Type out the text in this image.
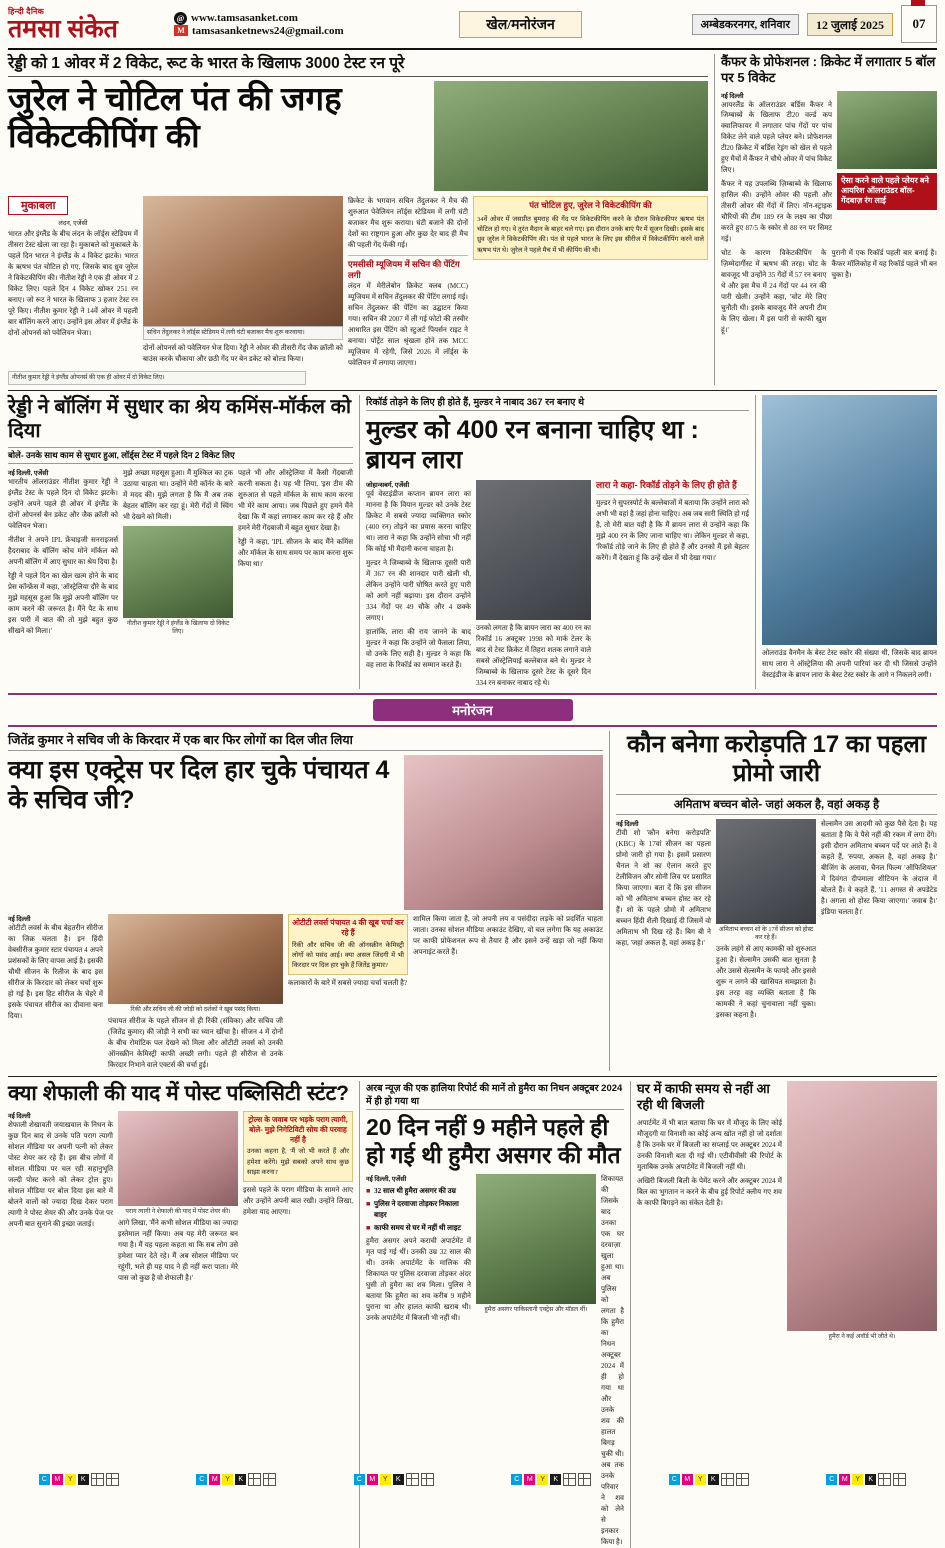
हिन्दी दैनिक
तमसा संकेत	@ www.tamsasanket.com
M tamsasanketnews24@gmail.com	खेल/मनोरंजन	अम्बेडकरनगर, शनिवार	12 जुलाई 2025	07
रेड्डी को 1 ओवर में 2 विकेट, रूट के भारत के खिलाफ 3000 टेस्ट रन पूरे
जुरेल ने चोटिल पंत की जगह विकेटकीपिंग की
मुकाबला
लंदन, एजेंसी
भारत और इंग्लैंड के बीच लंदन के लॉर्ड्स स्टेडियम में तीसरा टेस्ट खेला जा रहा है। मुकाबले को मुकाबले के पहले दिन भारत ने इंग्लैंड के 4 विकेट झटके। भारत के ऋषभ पंत चोटिल हो गए, जिसके बाद ध्रुव जुरेल ने विकेटकीपिंग की। नीतीश रेड्डी ने एक ही ओवर में 2 विकेट लिए। पहले दिन 4 विकेट खोकर 251 रन बनाए। जो रूट ने भारत के खिलाफ 3 हजार टेस्ट रन पूरे किए। नीतीश कुमार रेड्डी ने 14वें ओवर में पहली बार बॉलिंग करने आए। उन्होंने इस ओवर में इंग्लैंड के दोनों ओपनर्स को पवेलियन भेजा।	सचिन तेंदुलकर ने लॉर्ड्स स्टेडियम में लगी घंटी बजाकर मैच शुरू करवाया।
दोनों ओपनर्स को पवेलियन भेज दिया। रेड्डी ने ओवर की तीसरी गेंद जैक क्रॉली को बाउंस करके चौंकाया और छठी गेंद पर बेन डकेट को बोल्ड किया।
क्रिकेट के भगवान सचिन तेंदुलकर ने मैच की शुरुआत पेवेलियन लॉर्ड्स स्टेडियम में लगी घंटी बजाकर मैच शुरू कराया। घंटी बजाने की दोनों देशों का राष्ट्रगान हुआ और कुछ देर बाद ही मैच की पहली गेंद फेंकी गई।
एमसीसी म्यूजियम में सचिन की पेंटिंग लगी
लंदन में मेरीलेबोन क्रिकेट क्लब (MCC) म्यूजियम में सचिन तेंदुलकर की पेंटिंग लगाई गई। सचिन तेंदुलकर की पेंटिंग का उद्घाटन किया गया। सचिन की 2007 में ली गई फोटो की तस्वीर आधारित इस पेंटिंग को स्टुअर्ट पियर्सन राइट ने बनाया। पोर्ट्रेट साल श्रृंखला होने तक MCC म्यूजियम में रहेगी, जिसे 2026 में लॉर्ड्स के पवेलियन में लगाया जाएगा।
पंत चोटिल हुए, जुरेल ने विकेटकीपिंग की
34वें ओवर में जसप्रीत बुमराह की गेंद पर विकेटकीपिंग करने के दौरान विकेटकीपर ऋषभ पंत चोटिल हो गए। वे तुरंत मैदान के बाहर चले गए। इस दौरान उनके बाएं पैर में सूजन दिखी। इसके बाद ध्रुव जुरेल ने विकेटकीपिंग की। पंत से पहले भारत के लिए इस सीरीज में विकेटकीपिंग करने वाले ऋषभ पंत थे। जुरेल ने पहले मैच में भी कीपिंग की थी।
नीतीश कुमार रेड्डी ने इंग्लैंड ओपनर्स की एक ही ओवर में दो विकेट लिए।
कैंफर के प्रोफेशनल : क्रिकेट में लगातार 5 बॉल पर 5 विकेट
नई दिल्ली
आयरलैंड के ऑलराउंडर बर्डिस कैंफर ने जिम्बाब्वे के खिलाफ टी20 वर्ल्ड कप क्वालिफायर में लगातार पांच गेंदों पर पांच विकेट लेने वाले पहले प्लेयर बने। प्रोफेशनल टी20 क्रिकेट में बर्डिस रेड्रंग को खेल से पहले हुए मैचों में कैंफर ने चौथे ओवर में पांच विकेट लिए।
कैंफर ने यह उपलब्धि ज़िम्बाब्वे के खिलाफ हासिल की। उन्होंने ओवर की पहली और तीसरी ओवर की गेंदों में लिए। नॉन-स्ट्राइक चौरियों की टीम 189 रन के लक्ष्य का पीछा करते हुए 87/5 के स्कोर से 88 रन पर सिमट गई।
ऐसा करने वाले पहले प्लेयर बने आयरिश ऑलराउंडर बॉल- गेंदबाज़ रंग लाई
चोट के कारण विकेटकीपिंग के ज़िम्मेदार्गीस्ट में ऋषभ की तरह। चोट के बावजूद भी उन्होंने 35 गेंदों में 57 रन बनाए थे और इस मैच में 24 गेंदों पर 44 रन की पारी खेली। उन्होंने कहा, 'चोट मेरे लिए चुनौती थी। इसके बावजूद मैंने अपनी टीम के लिए खेला। मैं इस पारी से काफी खुश हूं।'
पुरानी में एक रिकॉर्ड पहली बार बनाई है। कैंफर मॉलिकोह में यह रिकॉर्ड पहले भी बन चुका है।
रेड्डी ने बॉलिंग में सुधार का श्रेय कमिंस-मॉर्कल को दिया
बोले- उनके साथ काम से सुधार हुआ, लॉर्ड्स टेस्ट में पहले दिन 2 विकेट लिए
नई दिल्ली, एजेंसी
भारतीय ऑलराउंडर नीतीश कुमार रेड्डी ने इंग्लैंड टेस्ट के पहले दिन दो विकेट झटके। उन्होंने अपने पहले ही ओवर में इंग्लैंड के दोनों ओपनर्स बेन डकेट और जैक क्रॉली को पवेलियन भेजा।
नीतीश ने अपने IPL फ्रेंचाइजी सनराइजर्स हैदराबाद के बॉलिंग कोच मोने मॉर्कल को अपनी बॉलिंग में आए सुधार का श्रेय दिया है।
रेड्डी ने पहले दिन का खेल खत्म होने के बाद प्रेस कॉन्फ्रेंस में कहा, 'ऑस्ट्रेलिया दौरे के बाद मुझे महसूस हुआ कि मुझे अपनी बॉलिंग पर काम करने की जरूरत है। मैंने पैट के साथ इस पारी में बात की तो मुझे बहुत कुछ सीखने को मिला।'
मुझे अच्छा महसूस हुआ। मैं मुश्किल का ट्रक उठाया चाहता था। उन्होंने मेरी कॉर्नर के बारे में मदद की। मुझे लगता है कि मैं अब तक बेहतर बॉलिंग कर रहा हूं। मेरी गेंदों में स्विंग भी देखने को मिली।
नीतीश कुमार रेड्डी ने इंग्लैंड के खिलाफ दो विकेट लिए।
पहले भी और ऑस्ट्रेलिया में कैसी गेंदबाजी करनी सकता है। यह भी लिया, 'इस टीम की शुरुआत से पहले मॉर्कल के साथ काम करना भी मेरे काम आया। जब पिछले हुए हमने मैंने देखा कि मैं कहां लगाकर काम कर रहे हैं और हमने मेरी गेंदबाजी में बहुत सुधार देखा है।
रेड्डी ने कहा, 'IPL सीजन के बाद मैंने कमिंस और मॉर्कल के साथ समय पर काम करना शुरू किया था।'
रिकॉर्ड तोड़ने के लिए ही होते हैं, मुल्डर ने नाबाद 367 रन बनाए थे
मुल्डर को 400 रन बनाना चाहिए था : ब्रायन लारा
जोहान्सबर्ग, एजेंसी
पूर्व वेस्टइंडीज कप्तान ब्रायन लारा का मानना है कि वियान मुल्डर को उनके टेस्ट क्रिकेट में सबसे ज्यादा व्यक्तिगत स्कोर (400 रन) तोड़ने का प्रयास करना चाहिए था। लारा ने कहा कि उन्होंने सोचा भी नहीं कि कोई भी मैदानी करना चाहता है।
मुल्डर ने जिम्बाब्वे के खिलाफ दूसरी पारी में 367 रन की शानदार पारी खेली थी, लेकिन उन्होंने पारी घोषित करते हुए पारी को आगे नहीं बढ़ाया। इस दौरान उन्होंने 334 गेंदों पर 49 चौके और 4 छक्के लगाए।
हालांकि, लारा की राय जानने के बाद मुल्डर ने कहा कि उन्होंने जो फैसला लिया, वो उनके लिए सही है। मुल्डर ने कहा कि वह लारा के रिकॉर्ड का सम्मान करते हैं।
उनको लगता है कि ब्रायन लारा का 400 रन का रिकॉर्ड 16 अक्टूबर 1998 को मार्क टेलर के बाद से टेस्ट क्रिकेट में तिहरा शतक लगाने वाले सबसे ऑस्ट्रेलियाई बल्लेबाज बने थे। मुल्डर ने जिम्बाब्वे के खिलाफ दूसरे टेस्ट के दूसरे दिन 334 रन बनाकर नाबाद रहे थे।
लारा ने कहा- रिकॉर्ड तोड़ने के लिए ही होते हैं
मुल्डर ने सुपरस्पोर्ट के बल्लेबाजों में बताया कि उन्होंने लारा को अभी भी वहां है जहां होना चाहिए। अब जब सारी स्थिति हो गई है, तो मेरी बात यही है कि मैं ब्रायन लारा से उन्होंने कहा कि मुझे 400 रन के लिए जाना चाहिए था। लेकिन मुल्डर से कहा, 'रिकॉर्ड तोड़े जाने के लिए ही होते हैं और उनको मैं इसे बेहतर करेंगे। मैं देखता हूं कि उन्हें खेल में भी देखा गया।'
ओलराउंड वैनमैन के बेस्ट टेस्ट स्कोर की संख्या थी, जिसके बाद ब्रायन साथ लारा ने ऑस्ट्रेलिया की अपनी पारियां कर दी थी जिससे उन्होंने वेस्टइंडीज के ब्रायन लारा के बेस्ट टेस्ट स्कोर के आगे न निकलने लगी।
मनोरंजन
जितेंद्र कुमार ने सचिव जी के किरदार में एक बार फिर लोगों का दिल जीत लिया
क्या इस एक्ट्रेस पर दिल हार चुके पंचायत 4 के सचिव जी?
नई दिल्ली
ओटीटी लवर्स के बीच बेहतरीन सीरीज का जिक्र चलता है। इन हिंदी वेबसीरीज कुमार स्टार पंचायत 4 अपने प्रशंसकों के लिए वापस आई है। इसकी चौथी सीजन के रिलीज के बाद इस सीरीज के किरदार को लेकर चर्चा शुरू हो गई है। इस हिट सीरीज के चेहरे में इसके पंचायत सीरीज का दीवाना बना दिया।
रिंकी और सचिव जी की जोड़ी को दर्शकों ने खूब पसंद किया।
पंचायत सीरीज के पहले सीजन से ही रिंकी (संविका) और सचिव जी (जितेंद्र कुमार) की जोड़ी ने सभी का ध्यान खींचा है। सीजन 4 में दोनों के बीच रोमांटिक पल देखने को मिला और ओटीटी लवर्स को उनकी ऑनस्क्रीन केमिस्ट्री काफी अच्छी लगी। पहले ही सीरीज से उनके किरदार निभाने वाले एक्टर्स की चर्चा हुई।
ओटीटी लवर्स पंचायत 4 की खूब चर्चा कर रहे हैं
रिंकी और सचिव जी की ऑनस्क्रीन केमिस्ट्री लोगों को पसंद आई। क्या असल जिंदगी में भी किरदार पर दिल हार चुके हैं जितेंद्र कुमार?
कलाकारों के बारे में सबसे ज्यादा चर्चा चलती है?
शामिल किया जाता है, जो अपनी लय व पसंदीदा लड़के को प्रदर्शित चाहता जाता। उनका सोशल मीडिया अकाउंट देखिए, वो चल लगेगा कि यह अकाउंट पर काफी प्रोफेशनल रूप से तैयार है और इसने उन्हें खड़ा जो नहीं किया अपनाइंट करते हैं।
कौन बनेगा करोड़पति 17 का पहला प्रोमो जारी
अमिताभ बच्चन बोले- जहां अकल है, वहां अकड़ है
नई दिल्ली
टीवी शो 'कौन बनेगा करोड़पति' (KBC) के 17वां सीजन का पहला प्रोमो जारी हो गया है। इसमें प्रसारण चैनल ने शो का ऐलान करते हुए टेलीविजन और सोनी लिव पर प्रसारित किया जाएगा। बता दें कि इस सीजन को भी अमिताभ बच्चन होस्ट कर रहे हैं। शो के पहले प्रोमो में अमिताभ बच्चन हिंदी शैली दिखाई दी जिसमें वो अमिताभ भी दिख रहे हैं। बिग बी ने कहा, 'जहां अकल है, वहां अकड़ है।'
अमिताभ बच्चन शो के 17वें सीजन को होस्ट कर रहे हैं।
उनके लहंगे से आए कामकी को शुरुआत हुआ है। सेल्समैन उसकी बात सुनता है और उससे सेल्समैन के फायदे और इससे शुरू न लगने की खासियत समझाता है। इस तरह वह व्यक्ति बताता है कि कामकी ने कहां चुनावाला नहीं चुका। इसका कहना है।
सेल्समैन उस आदमी को कुछ पैसे देता है। यह बताता है कि वे पैसे नहीं की रकम में लगा देंगे। इसी दौरान अमिताभ बच्चन पर्दे पर आते हैं। वे कहते हैं, 'रुपया, अकल है, वहां अकड़ है।' बीजिंग के अलावा, चैनल फिल्म 'ऑफिशियल' में दिवंगत दीपमाला शीटियन के अंदाज में बोलते हैं। वे कहते हैं, '11 अगस्त से अपडेटेड है। अगला शो होस्ट किया जाएगा।' जवाब है।' इंडिया चलता है।'
क्या शेफाली की याद में पोस्ट पब्लिसिटी स्टंट?
नई दिल्ली
शेफाली शेखावती जयाखवाल के निधन के कुछ दिन बाद से उनके पति पराग त्यागी सोशल मीडिया पर अपनी पत्नी को लेकर पोस्ट शेयर कर रहे हैं। इस बीच लोगों में सोशल मीडिया पर चल रही सहानुभूति जल्दी पोस्ट करने को लेकर ट्रोल हुए। सोशल मीडिया पर बोल दिया इस बारे में बोलने वालों को ज्यादा दिख देकर पराग त्यागी ने पोस्ट शेयर की और उनके पेज पर अपनी बात सुनाने की इच्छा जताई।
पराग त्यागी ने शेफाली की याद में पोस्ट शेयर की।
आगे लिखा, 'मैंने कभी सोशल मीडिया का ज्यादा इस्तेमाल नहीं किया। अब यह मेरी जरूरत बन गया है। मैं यह पहला कहता था कि सब लोग उसे हमेशा प्यार देते रहे। मैं अब सोशल मीडिया पर रहूंगी, भले ही यह याद ने ही नहीं करा पाता। मेरे पास जो कुछ है वो शेफाली है।'
ट्रोल्स के जवाब पर भड़के पराग त्यागी, बोले- मुझे निगेटिविटी सोच की परवाह नहीं है
उनका कहना है, 'मैं जो भी करते हैं और हमेशा करेंगे। मुझे सबको अपने साथ कुछ साझा करना।'
इससे पहले के पराग मीडिया के सामने आए और उन्होंने अपनी बात रखी। उन्होंने लिखा, हमेशा याद आएगा।
अरब न्यूज़ की एक हालिया रिपोर्ट की मानें तो हुमैरा का निधन अक्टूबर 2024 में ही हो गया था
20 दिन नहीं 9 महीने पहले ही हो गई थी हुमैरा असगर की मौत
नई दिल्ली, एजेंसी
■ 32 साल थी हुमैरा असगर की उम्र
■ पुलिस ने दरवाजा तोड़कर निकाला बाहर
■ काफी समय से घर में नहीं थी लाइट
हुमैरा असगर अपने कराची अपार्टमेंट में मृत पाई गई थीं। उनकी उम्र 32 साल की थी। उनके अपार्टमेंट के मालिक की शिकायत पर पुलिस दरवाजा तोड़कर अंदर घुसी तो हुमैरा का शव मिला। पुलिस ने बताया कि हुमैरा का शव करीब 9 महीने पुराना था और हालत काफी खराब थी। उनके अपार्टमेंट में बिजली भी नहीं थी।
हुमैरा असगर पाकिस्तानी एक्ट्रेस और मॉडल थीं।
शिकायत की जिसके बाद उनका एक घर दरवाज़ा खुला हुआ था। अब पुलिस को लगता है कि हुमैरा का निधन अक्टूबर 2024 में ही हो गया था और उनके शव की हालत बिगड़ चुकी थी। अब तक उनके परिवार ने शव को लेने से इनकार किया है।
घर में काफी समय से नहीं आ रही थी बिजली
अपार्टमेंट में भी बात बताया कि घर में मौजूद के लिए कोई मौजूदगी या विनाशी का कोई अन्य खोत नहीं हो जो दर्शाता है कि उनके घर में बिजली का सप्लाई पर अक्टूबर 2024 में उनकी विनाशी बता दी गई थी। एटीवीवीसी की रिपोर्ट के मुताबिक उनके अपार्टमेंट में बिजली नहीं थी।
अखिरी बिजली बिली के पेमेंट करने और अक्टूबर 2024 में बिल का भुगतान न करने के बीच हुई रिपोर्ट क्लीय गए शव के काफी बिगड़ने का संकेत देती है।
हुमैरा ने कई अवॉर्ड भी जीते थे।
C	M	Y	K	C	M	Y	K	C	M	Y	K	C	M	Y	K	C	M	Y	K	C	M	Y	K
